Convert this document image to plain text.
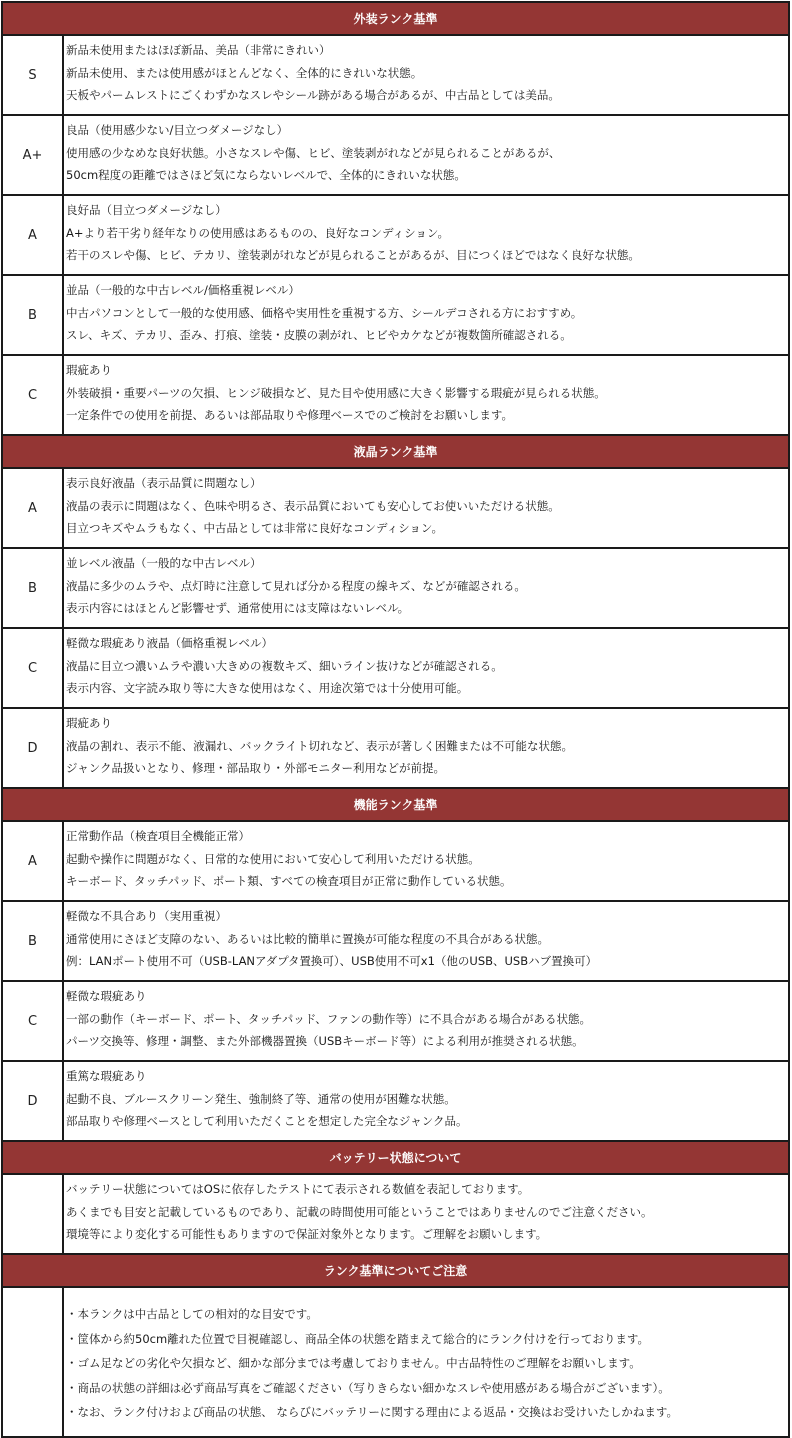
外装ランク基準
S
新品未使用またはほぼ新品、美品（非常にきれい）
新品未使用、または使用感がほとんどなく、全体的にきれいな状態。
天板やパームレストにごくわずかなスレやシール跡がある場合があるが、中古品としては美品。
A+
良品（使用感少ない/目立つダメージなし）
使用感の少なめな良好状態。小さなスレや傷、ヒビ、塗装剥がれなどが見られることがあるが、
50cm程度の距離ではさほど気にならないレベルで、全体的にきれいな状態。
A
良好品（目立つダメージなし）
A+より若干劣り経年なりの使用感はあるものの、良好なコンディション。
若干のスレや傷、ヒビ、テカリ、塗装剥がれなどが見られることがあるが、目につくほどではなく良好な状態。
B
並品（一般的な中古レベル/価格重視レベル）
中古パソコンとして一般的な使用感、価格や実用性を重視する方、シールデコされる方におすすめ。
スレ、キズ、テカリ、歪み、打痕、塗装・皮膜の剥がれ、ヒビやカケなどが複数箇所確認される。
C
瑕疵あり
外装破損・重要パーツの欠損、ヒンジ破損など、見た目や使用感に大きく影響する瑕疵が見られる状態。
一定条件での使用を前提、あるいは部品取りや修理ベースでのご検討をお願いします。
液晶ランク基準
A
表示良好液晶（表示品質に問題なし）
液晶の表示に問題はなく、色味や明るさ、表示品質においても安心してお使いいただける状態。
目立つキズやムラもなく、中古品としては非常に良好なコンディション。
B
並レベル液晶（一般的な中古レベル）
液晶に多少のムラや、点灯時に注意して見れば分かる程度の線キズ、などが確認される。
表示内容にはほとんど影響せず、通常使用には支障はないレベル。
C
軽微な瑕疵あり液晶（価格重視レベル）
液晶に目立つ濃いムラや濃い大きめの複数キズ、細いライン抜けなどが確認される。
表示内容、文字読み取り等に大きな使用はなく、用途次第では十分使用可能。
D
瑕疵あり
液晶の割れ、表示不能、液漏れ、バックライト切れなど、表示が著しく困難または不可能な状態。
ジャンク品扱いとなり、修理・部品取り・外部モニター利用などが前提。
機能ランク基準
A
正常動作品（検査項目全機能正常）
起動や操作に問題がなく、日常的な使用において安心して利用いただける状態。
キーボード、タッチパッド、ポート類、すべての検査項目が正常に動作している状態。
B
軽微な不具合あり（実用重視）
通常使用にさほど支障のない、あるいは比較的簡単に置換が可能な程度の不具合がある状態。
例：LANポート使用不可（USB-LANアダプタ置換可）、USB使用不可x1（他のUSB、USBハブ置換可）
C
軽微な瑕疵あり
一部の動作（キーボード、ポート、タッチパッド、ファンの動作等）に不具合がある場合がある状態。
パーツ交換等、修理・調整、また外部機器置換（USBキーボード等）による利用が推奨される状態。
D
重篤な瑕疵あり
起動不良、ブルースクリーン発生、強制終了等、通常の使用が困難な状態。
部品取りや修理ベースとして利用いただくことを想定した完全なジャンク品。
バッテリー状態について
バッテリー状態についてはOSに依存したテストにて表示される数値を表記しております。
あくまでも目安と記載しているものであり、記載の時間使用可能ということではありませんのでご注意ください。
環境等により変化する可能性もありますので保証対象外となります。ご理解をお願いします。
ランク基準についてご注意
・本ランクは中古品としての相対的な目安です。
・筐体から約50cm離れた位置で目視確認し、商品全体の状態を踏まえて総合的にランク付けを行っております。
・ゴム足などの劣化や欠損など、細かな部分までは考慮しておりません。中古品特性のご理解をお願いします。
・商品の状態の詳細は必ず商品写真をご確認ください（写りきらない細かなスレや使用感がある場合がございます）。
・なお、ランク付けおよび商品の状態、 ならびにバッテリーに関する理由による返品・交換はお受けいたしかねます。
